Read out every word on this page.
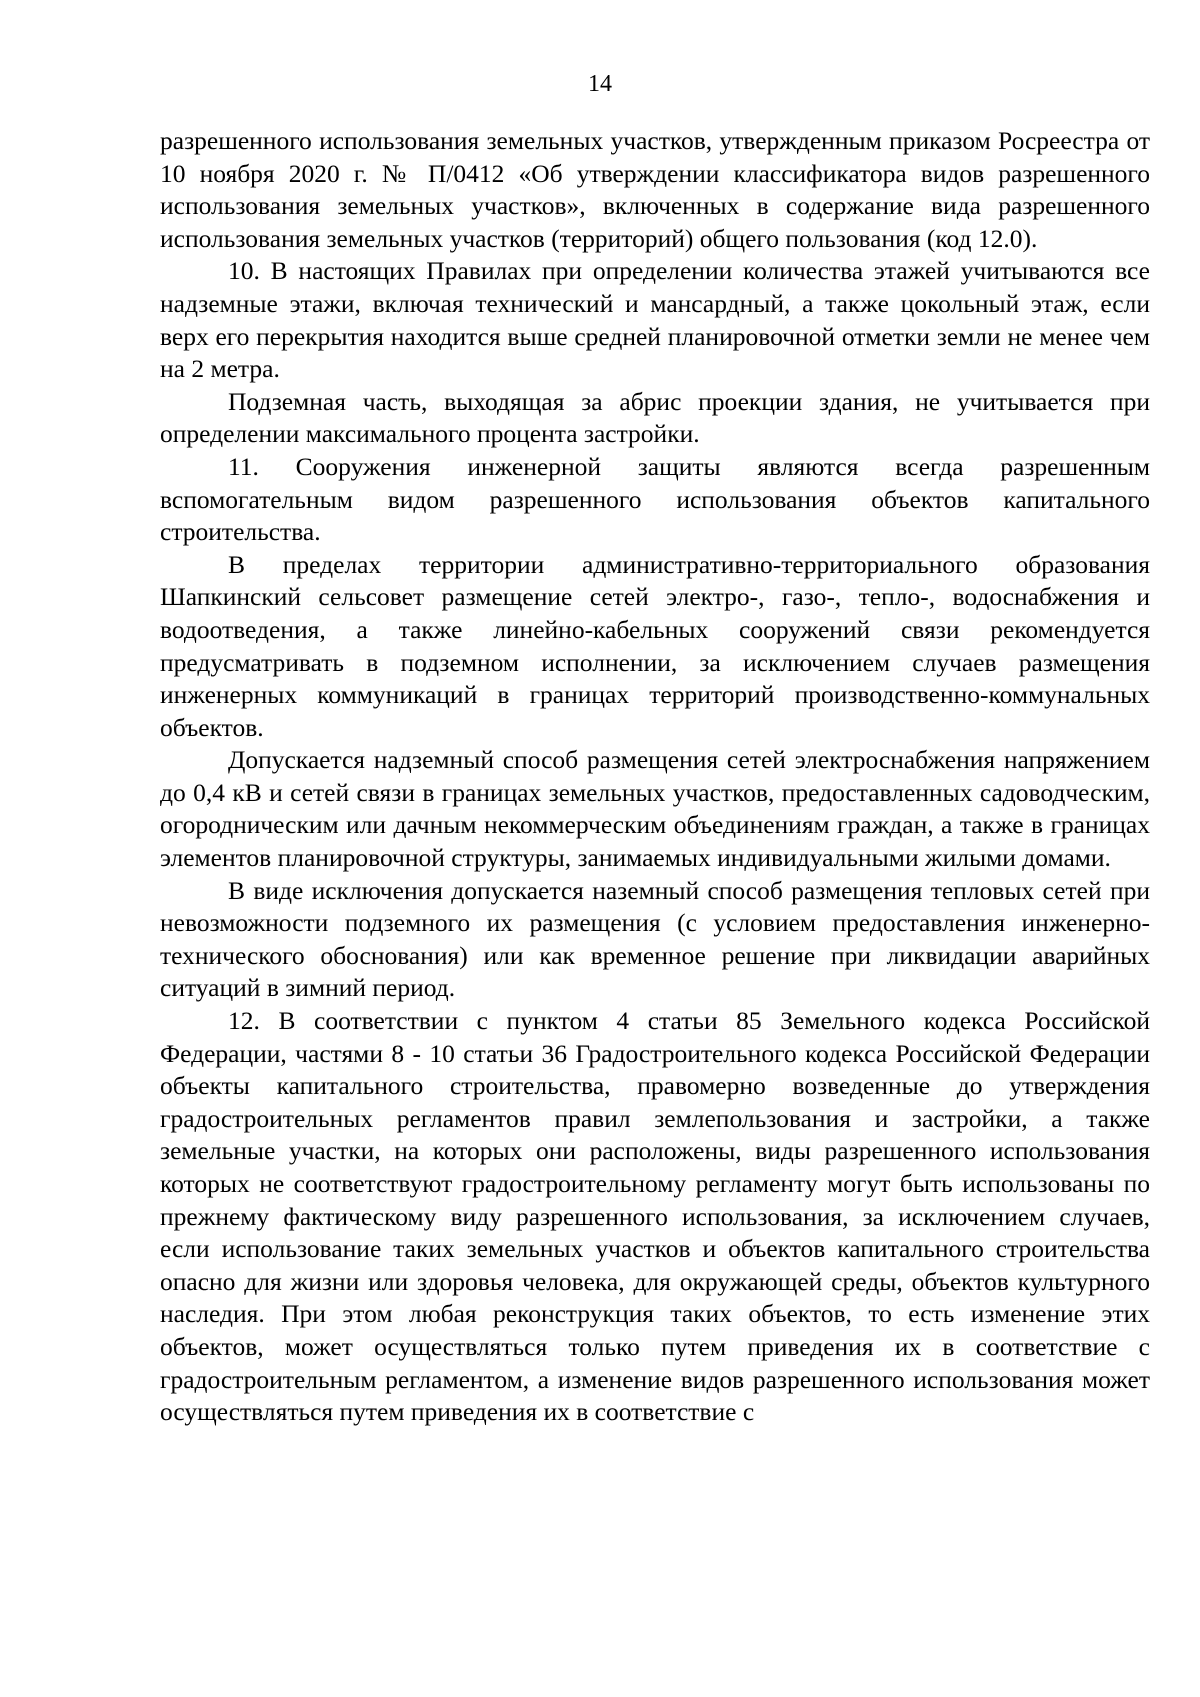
14

разрешенного использования земельных участков, утвержденным приказом Росреестра от 10 ноября 2020 г. № П/0412 «Об утверждении классификатора видов разрешенного использования земельных участков», включенных в содержание вида разрешенного использования земельных участков (территорий) общего пользования (код 12.0).

10. В настоящих Правилах при определении количества этажей учитываются все надземные этажи, включая технический и мансардный, а также цокольный этаж, если верх его перекрытия находится выше средней планировочной отметки земли не менее чем на 2 метра.

Подземная часть, выходящая за абрис проекции здания, не учитывается при определении максимального процента застройки.

11. Сооружения инженерной защиты являются всегда разрешенным вспомогательным видом разрешенного использования объектов капитального строительства.

В пределах территории административно-территориального образования Шапкинский сельсовет размещение сетей электро-, газо-, тепло-, водоснабжения и водоотведения, а также линейно-кабельных сооружений связи рекомендуется предусматривать в подземном исполнении, за исключением случаев размещения инженерных коммуникаций в границах территорий производственно-коммунальных объектов.

Допускается надземный способ размещения сетей электроснабжения напряжением до 0,4 кВ и сетей связи в границах земельных участков, предоставленных садоводческим, огородническим или дачным некоммерческим объединениям граждан, а также в границах элементов планировочной структуры, занимаемых индивидуальными жилыми домами.

В виде исключения допускается наземный способ размещения тепловых сетей при невозможности подземного их размещения (с условием предоставления инженерно-технического обоснования) или как временное решение при ликвидации аварийных ситуаций в зимний период.

12. В соответствии с пунктом 4 статьи 85 Земельного кодекса Российской Федерации, частями 8 - 10 статьи 36 Градостроительного кодекса Российской Федерации объекты капитального строительства, правомерно возведенные до утверждения градостроительных регламентов правил землепользования и застройки, а также земельные участки, на которых они расположены, виды разрешенного использования которых не соответствуют градостроительному регламенту могут быть использованы по прежнему фактическому виду разрешенного использования, за исключением случаев, если использование таких земельных участков и объектов капитального строительства опасно для жизни или здоровья человека, для окружающей среды, объектов культурного наследия. При этом любая реконструкция таких объектов, то есть изменение этих объектов, может осуществляться только путем приведения их в соответствие с градостроительным регламентом, а изменение видов разрешенного использования может осуществляться путем приведения их в соответствие с
